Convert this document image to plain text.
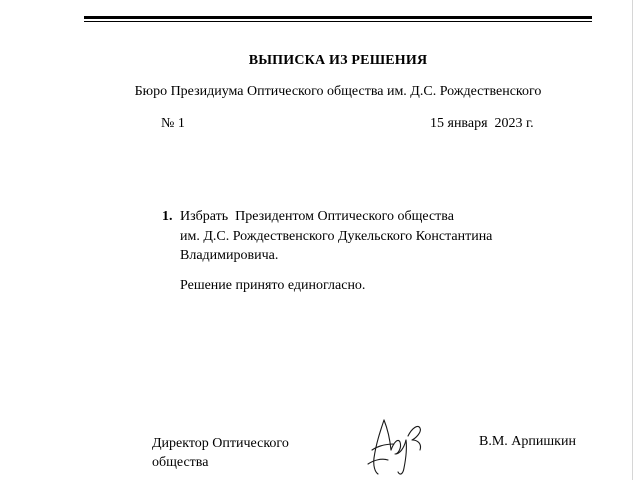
ВЫПИСКА ИЗ РЕШЕНИЯ
Бюро Президиума Оптического общества им. Д.С. Рождественского
№ 1	15 января  2023 г.
1. Избрать  Президентом Оптического общества
им. Д.С. Рождественского Дукельского Константина
Владимировича.
Решение принято единогласно.
Директор Оптического
общества
В.М. Арпишкин
